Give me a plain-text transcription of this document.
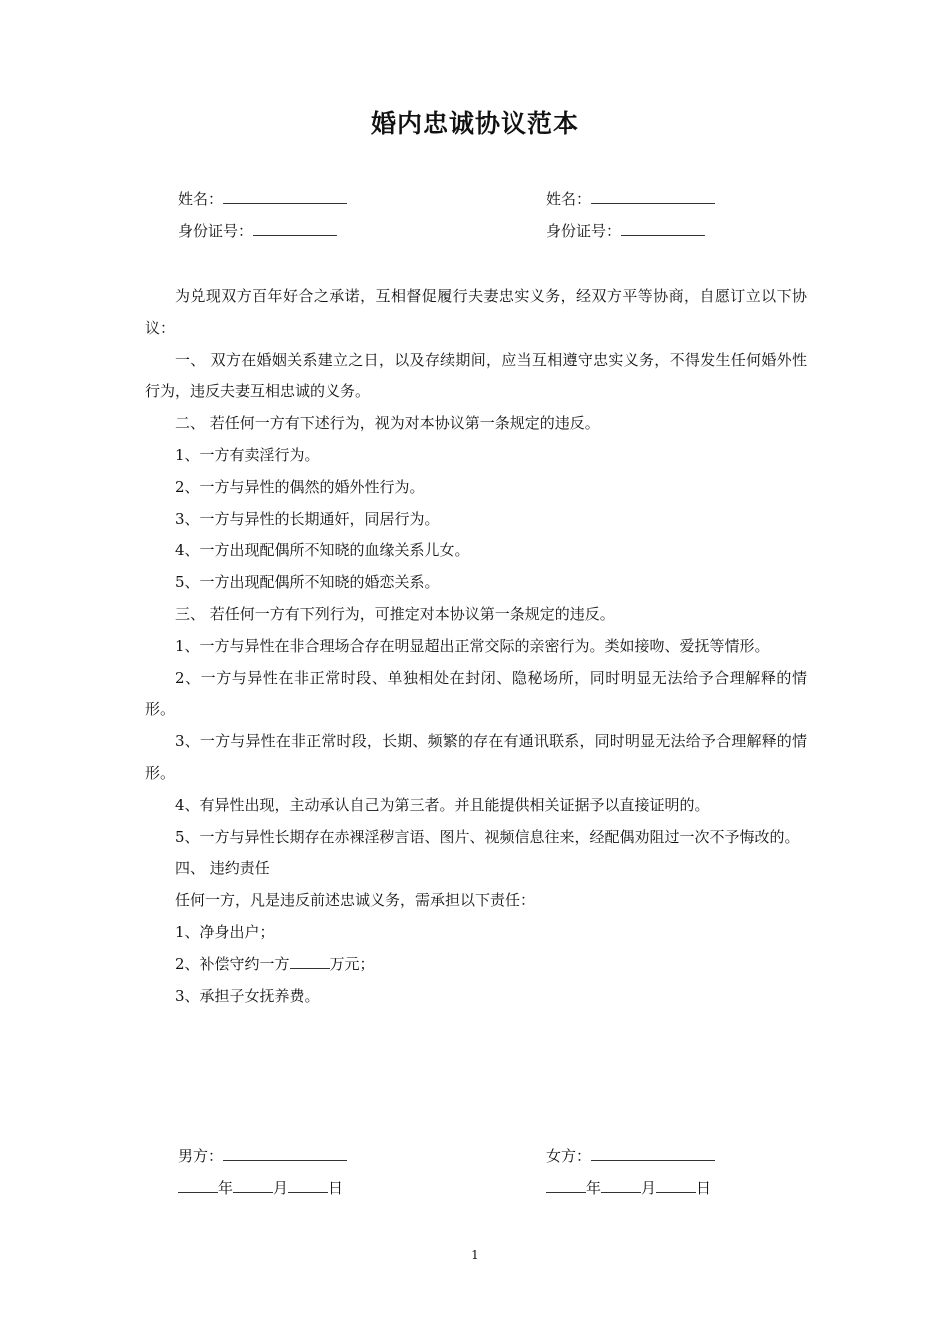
婚内忠诚协议范本
姓名：	姓名：
身份证号：	身份证号：

为兑现双方百年好合之承诺，互相督促履行夫妻忠实义务，经双方平等协商，自愿订立以下协议：

一、 双方在婚姻关系建立之日，以及存续期间，应当互相遵守忠实义务，不得发生任何婚外性行为，违反夫妻互相忠诚的义务。

二、 若任何一方有下述行为，视为对本协议第一条规定的违反。

1、一方有卖淫行为。

2、一方与异性的偶然的婚外性行为。

3、一方与异性的长期通奸，同居行为。

4、一方出现配偶所不知晓的血缘关系儿女。

5、一方出现配偶所不知晓的婚恋关系。

三、 若任何一方有下列行为，可推定对本协议第一条规定的违反。

1、一方与异性在非合理场合存在明显超出正常交际的亲密行为。类如接吻、爱抚等情形。

2、一方与异性在非正常时段、单独相处在封闭、隐秘场所，同时明显无法给予合理解释的情形。

3、一方与异性在非正常时段，长期、频繁的存在有通讯联系，同时明显无法给予合理解释的情形。

4、有异性出现，主动承认自己为第三者。并且能提供相关证据予以直接证明的。

5、一方与异性长期存在赤裸淫秽言语、图片、视频信息往来，经配偶劝阻过一次不予悔改的。

四、 违约责任

任何一方，凡是违反前述忠诚义务，需承担以下责任：

1、净身出户；

2、补偿守约一方	万元；

3、承担子女抚养费。

男方：	女方：
年	月	日	年	月	日
1
